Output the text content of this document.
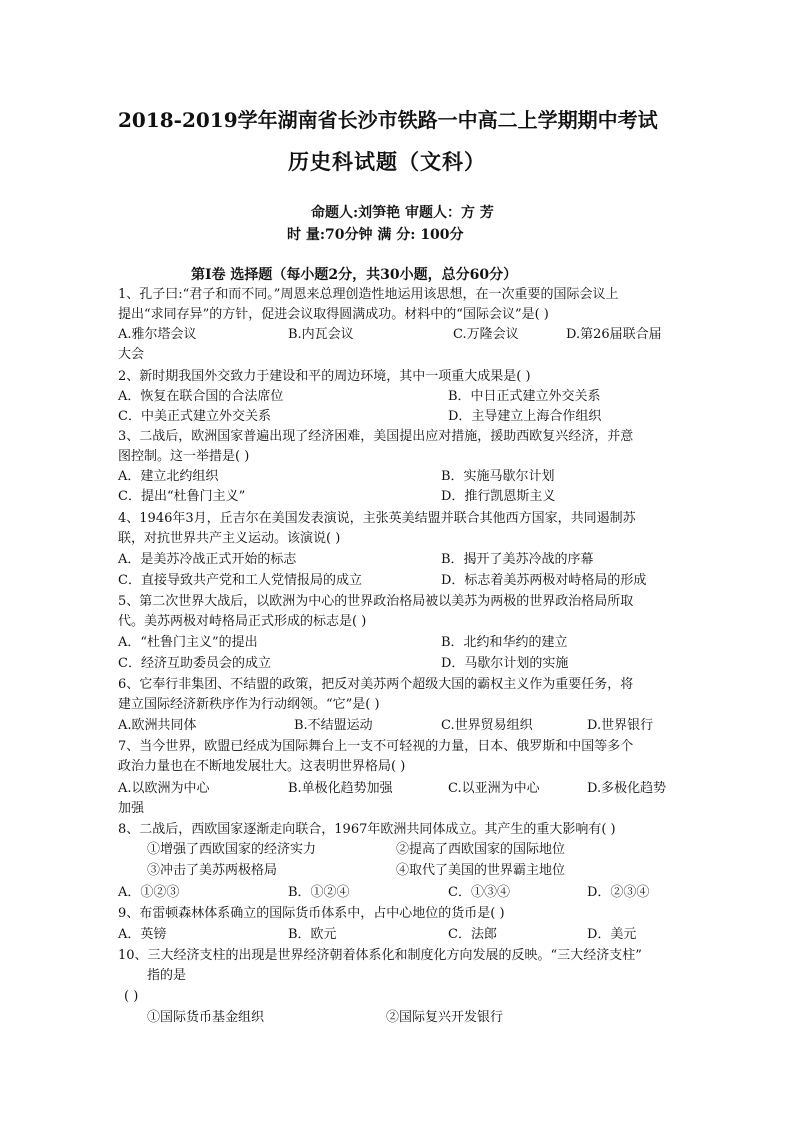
2018-2019学年湖南省长沙市铁路一中高二上学期期中考试
历史科试题（文科）
命题人:刘笋艳 审题人：方 芳
时 量:70分钟 满 分: 100分
第Ⅰ卷 选择题（每小题2分，共30小题，总分60分）
1、孔子曰:“君子和而不同。”周恩来总理创造性地运用该思想，在一次重要的国际会议上
提出“求同存异”的方针，促进会议取得圆满成功。材料中的“国际会议”是( )
A.雅尔塔会议	B.内瓦会议	C.万隆会议	D.第26届联合届
大会
2、新时期我国外交致力于建设和平的周边环境，其中一项重大成果是( )
A．恢复在联合国的合法席位	B．中日正式建立外交关系
C．中美正式建立外交关系	D．主导建立上海合作组织
3、二战后，欧洲国家普遍出现了经济困难，美国提出应对措施，援助西欧复兴经济，并意
图控制。这一举措是( )
A．建立北约组织	B．实施马歇尔计划
C．提出“杜鲁门主义”	D．推行凯恩斯主义
4、1946年3月，丘吉尔在美国发表演说，主张英美结盟并联合其他西方国家，共同遏制苏
联，对抗世界共产主义运动。该演说( )
A．是美苏冷战正式开始的标志	B．揭开了美苏冷战的序幕
C．直接导致共产党和工人党情报局的成立	D．标志着美苏两极对峙格局的形成
5、第二次世界大战后，以欧洲为中心的世界政治格局被以美苏为两极的世界政治格局所取
代。美苏两极对峙格局正式形成的标志是( )
A．“杜鲁门主义”的提出	B．北约和华约的建立
C．经济互助委员会的成立	D．马歇尔计划的实施
6、它奉行非集团、不结盟的政策，把反对美苏两个超级大国的霸权主义作为重要任务，将
建立国际经济新秩序作为行动纲领。“它”是( )
A.欧洲共同体	B.不结盟运动	C.世界贸易组织	D.世界银行
7、当今世界，欧盟已经成为国际舞台上一支不可轻视的力量，日本、俄罗斯和中国等多个
政治力量也在不断地发展壮大。这表明世界格局( )
A.以欧洲为中心	B.单极化趋势加强	C.以亚洲为中心	D.多极化趋势
加强
8、二战后，西欧国家逐渐走向联合，1967年欧洲共同体成立。其产生的重大影响有( )
①增强了西欧国家的经济实力	②提高了西欧国家的国际地位
③冲击了美苏两极格局	④取代了美国的世界霸主地位
A．①②③	B．①②④	C．①③④	D．②③④
9、布雷顿森林体系确立的国际货币体系中，占中心地位的货币是( )
A．英镑	B．欧元	C．法郎	D．美元
10、三大经济支柱的出现是世界经济朝着体系化和制度化方向发展的反映。“三大经济支柱”
指的是
( )
①国际货币基金组织	②国际复兴开发银行
